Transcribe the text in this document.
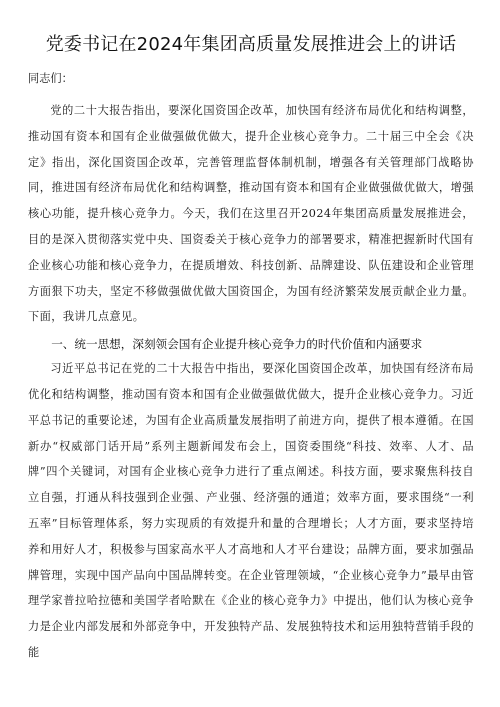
党委书记在2024年集团高质量发展推进会上的讲话

同志们：

党的二十大报告指出，要深化国资国企改革，加快国有经济布局优化和结构调整，推动国有资本和国有企业做强做优做大，提升企业核心竞争力。二十届三中全会《决定》指出，深化国资国企改革，完善管理监督体制机制，增强各有关管理部门战略协同，推进国有经济布局优化和结构调整，推动国有资本和国有企业做强做优做大，增强核心功能，提升核心竞争力。今天，我们在这里召开2024年集团高质量发展推进会，目的是深入贯彻落实党中央、国资委关于核心竞争力的部署要求，精准把握新时代国有企业核心功能和核心竞争力，在提质增效、科技创新、品牌建设、队伍建设和企业管理方面狠下功夫，坚定不移做强做优做大国资国企，为国有经济繁荣发展贡献企业力量。下面，我讲几点意见。

一、统一思想，深刻领会国有企业提升核心竞争力的时代价值和内涵要求

习近平总书记在党的二十大报告中指出，要深化国资国企改革，加快国有经济布局优化和结构调整，推动国有资本和国有企业做强做优做大，提升企业核心竞争力。习近平总书记的重要论述，为国有企业高质量发展指明了前进方向，提供了根本遵循。在国新办“权威部门话开局”系列主题新闻发布会上，国资委围绕“科技、效率、人才、品牌”四个关键词，对国有企业核心竞争力进行了重点阐述。科技方面，要求聚焦科技自立自强，打通从科技强到企业强、产业强、经济强的通道；效率方面，要求围绕“一利五率”目标管理体系，努力实现质的有效提升和量的合理增长；人才方面，要求坚持培养和用好人才，积极参与国家高水平人才高地和人才平台建设；品牌方面，要求加强品牌管理，实现中国产品向中国品牌转变。在企业管理领域，“企业核心竞争力”最早由管理学家普拉哈拉德和美国学者哈默在《企业的核心竞争力》中提出，他们认为核心竞争力是企业内部发展和外部竞争中，开发独特产品、发展独特技术和运用独特营销手段的能
